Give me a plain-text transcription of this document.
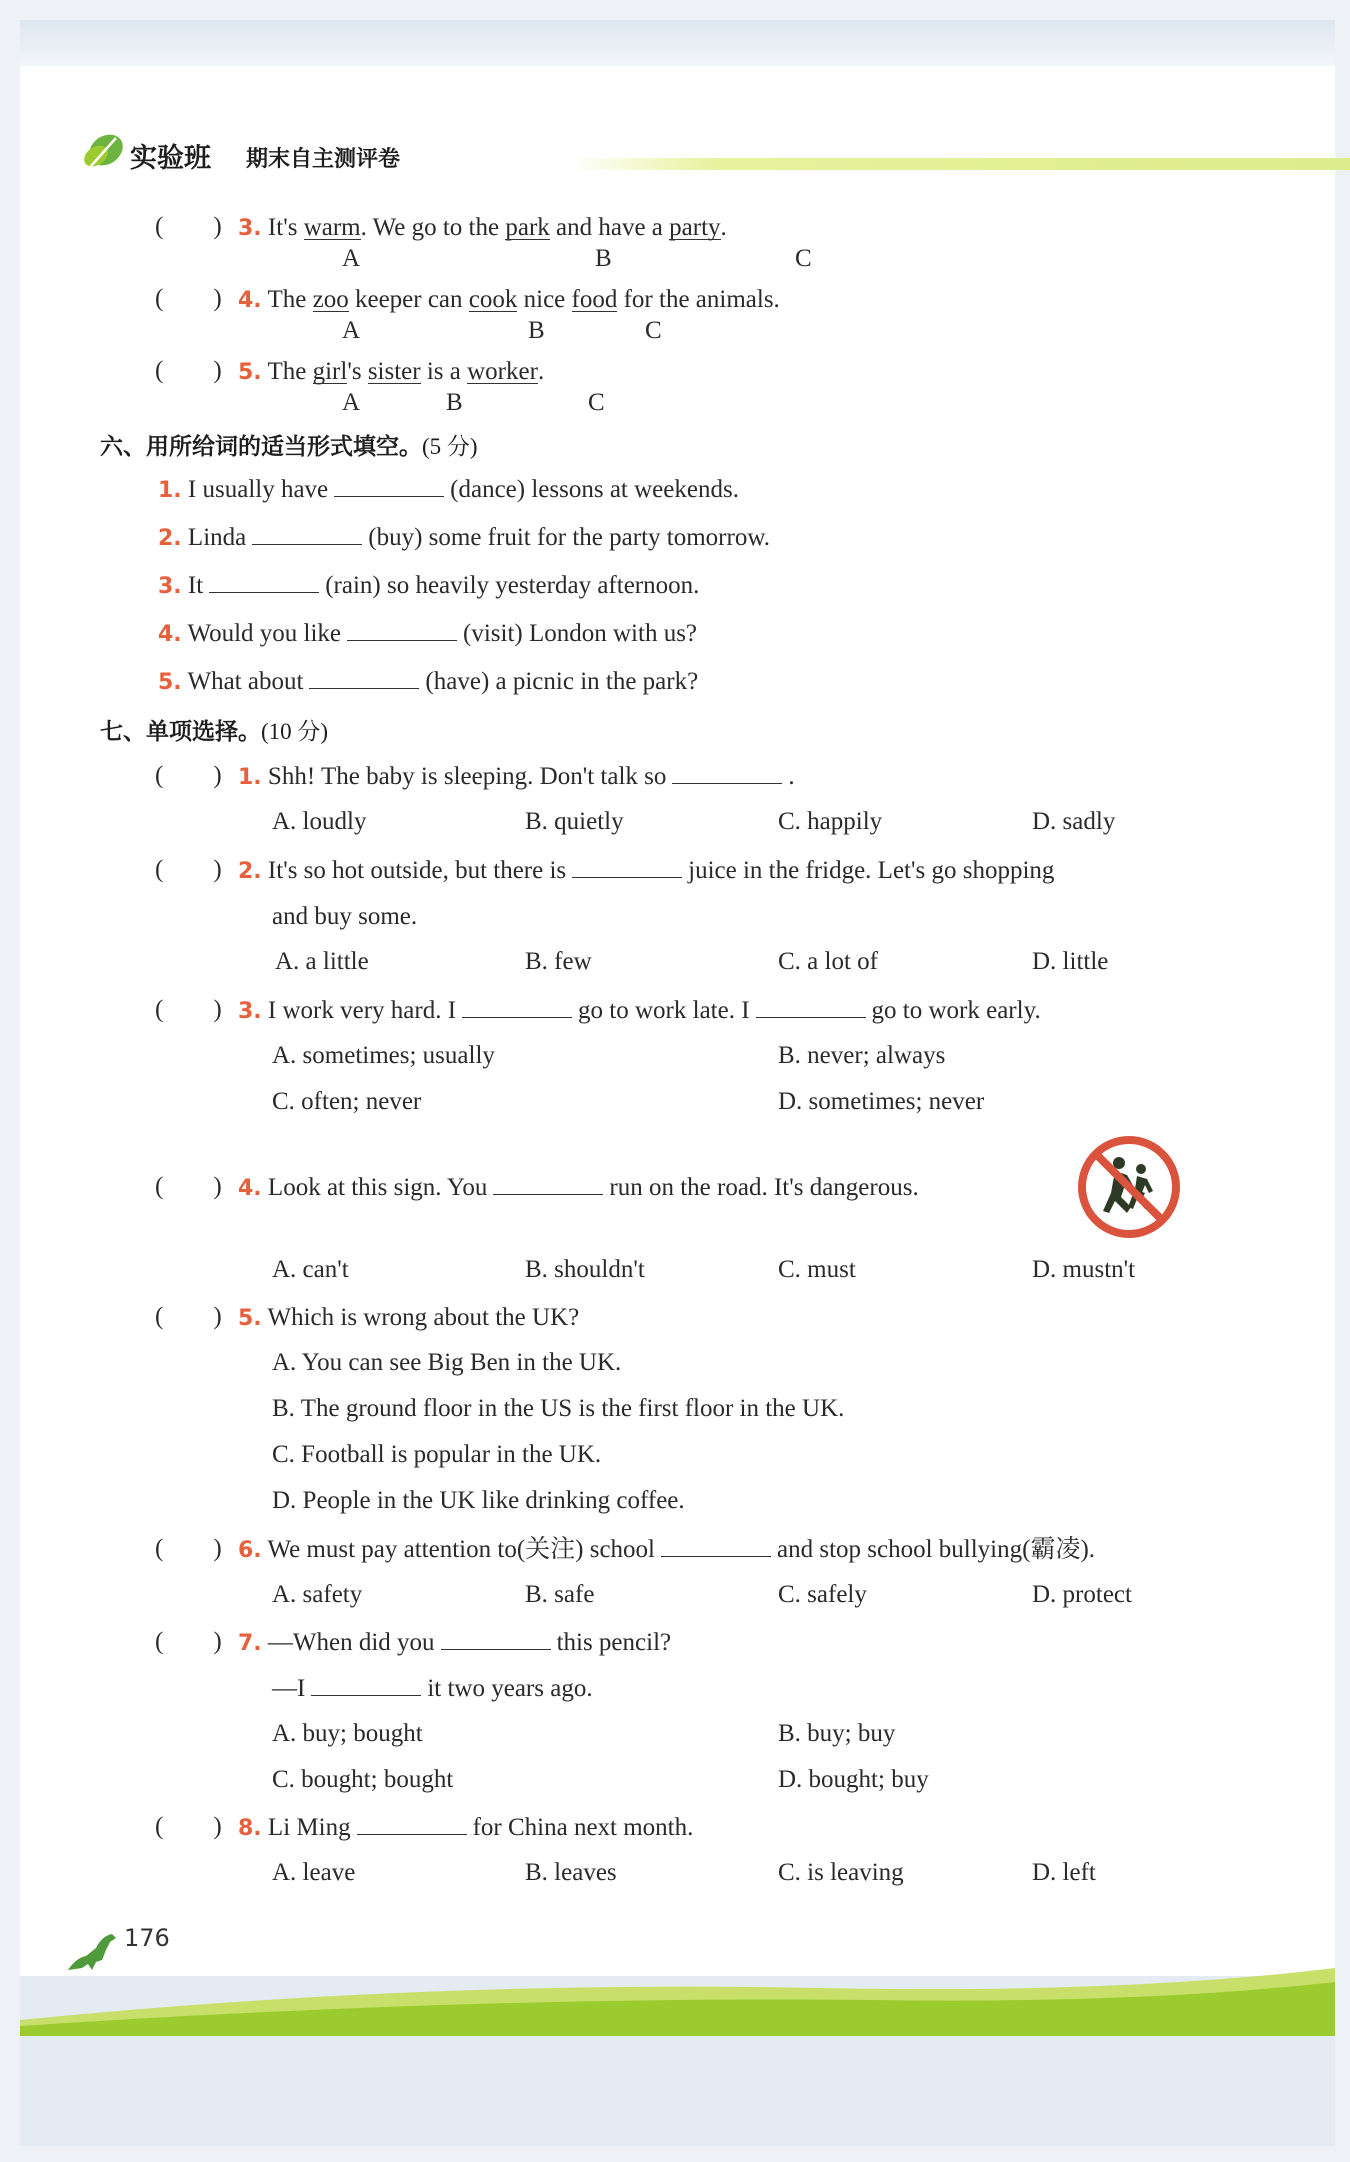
实验班 期末自主测评卷
(        ) 3. It's warm. We go to the park and have a party.
A	B	C
(        ) 4. The zoo keeper can cook nice food for the animals.
A	B	C
(        ) 5. The girl's sister is a worker.
A	B	C
六、用所给词的适当形式填空。(5 分)
1. I usually have	(dance) lessons at weekends.
2. Linda	(buy) some fruit for the party tomorrow.
3. It	(rain) so heavily yesterday afternoon.
4. Would you like	(visit) London with us?
5. What about	(have) a picnic in the park?
七、单项选择。(10 分)
(        ) 1. Shh! The baby is sleeping. Don't talk so	.
A. loudly	B. quietly	C. happily	D. sadly
(        ) 2. It's so hot outside, but there is	juice in the fridge. Let's go shopping
and buy some.
A. a little	B. few	C. a lot of	D. little
(        ) 3. I work very hard. I	go to work late. I	go to work early.
A. sometimes; usually	B. never; always
C. often; never	D. sometimes; never
(        ) 4. Look at this sign. You	run on the road. It's dangerous.
A. can't	B. shouldn't	C. must	D. mustn't
(        ) 5. Which is wrong about the UK?
A. You can see Big Ben in the UK.
B. The ground floor in the US is the first floor in the UK.
C. Football is popular in the UK.
D. People in the UK like drinking coffee.
(        ) 6. We must pay attention to(关注) school	and stop school bullying(霸凌).
A. safety	B. safe	C. safely	D. protect
(        ) 7. —When did you	this pencil?
—I	it two years ago.
A. buy; bought	B. buy; buy
C. bought; bought	D. bought; buy
(        ) 8. Li Ming	for China next month.
A. leave	B. leaves	C. is leaving	D. left
176
